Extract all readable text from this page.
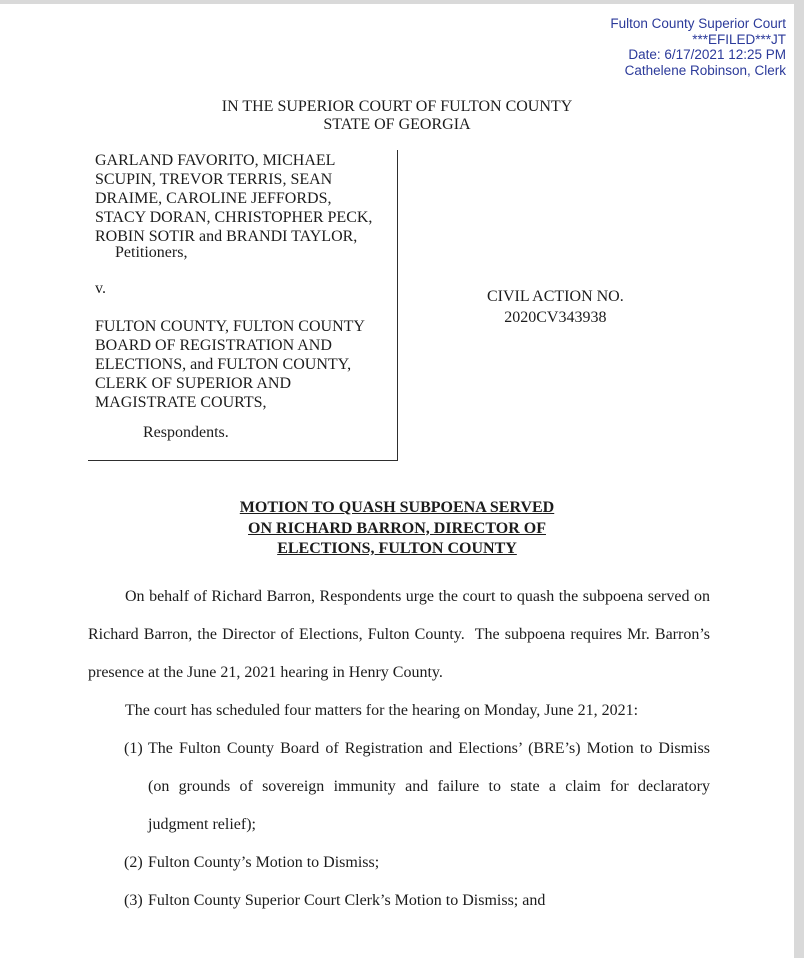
Fulton County Superior Court
***EFILED***JT
Date: 6/17/2021 12:25 PM
Cathelene Robinson, Clerk
IN THE SUPERIOR COURT OF FULTON COUNTY
STATE OF GEORGIA
GARLAND FAVORITO, MICHAEL
SCUPIN, TREVOR TERRIS, SEAN
DRAIME, CAROLINE JEFFORDS,
STACY DORAN, CHRISTOPHER PECK,
ROBIN SOTIR and BRANDI TAYLOR,
Petitioners,
v.
FULTON COUNTY, FULTON COUNTY
BOARD OF REGISTRATION AND
ELECTIONS, and FULTON COUNTY,
CLERK OF SUPERIOR AND
MAGISTRATE COURTS,
Respondents.
CIVIL ACTION NO.
2020CV343938
MOTION TO QUASH SUBPOENA SERVED
ON RICHARD BARRON, DIRECTOR OF
ELECTIONS, FULTON COUNTY

On behalf of Richard Barron, Respondents urge the court to quash the subpoena served on Richard Barron, the Director of Elections, Fulton County.  The subpoena requires Mr. Barron’s presence at the June 21, 2021 hearing in Henry County.

The court has scheduled four matters for the hearing on Monday, June 21, 2021:

(1) The Fulton County Board of Registration and Elections’ (BRE’s) Motion to Dismiss (on grounds of sovereign immunity and failure to state a claim for declaratory judgment relief);
(2) Fulton County’s Motion to Dismiss;
(3) Fulton County Superior Court Clerk’s Motion to Dismiss; and
